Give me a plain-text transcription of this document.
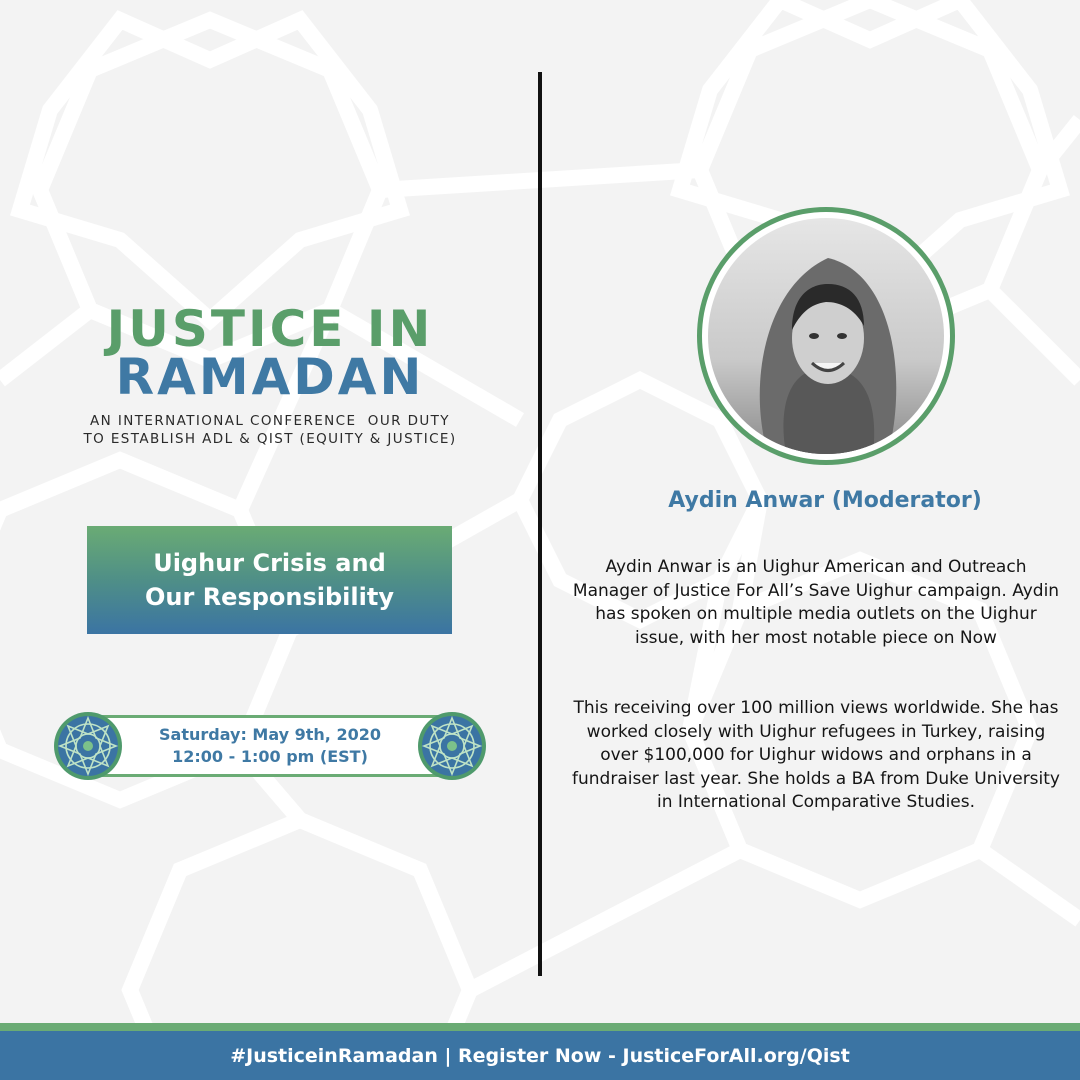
JUSTICE IN
RAMADAN
AN INTERNATIONAL CONFERENCE  OUR DUTY
TO ESTABLISH ADL & QIST (EQUITY & JUSTICE)
Uighur Crisis and
Our Responsibility
Saturday: May 9th, 2020
12:00 - 1:00 pm (EST)
Aydin Anwar (Moderator)

Aydin Anwar is an Uighur American and Outreach Manager of Justice For All’s Save Uighur campaign. Aydin has spoken on multiple media outlets on the Uighur issue, with her most notable piece on Now

This receiving over 100 million views worldwide. She has worked closely with Uighur refugees in Turkey, raising over $100,000 for Uighur widows and orphans in a fundraiser last year. She holds a BA from Duke University in International Comparative Studies.

#JusticeinRamadan | Register Now - JusticeForAll.org/Qist
